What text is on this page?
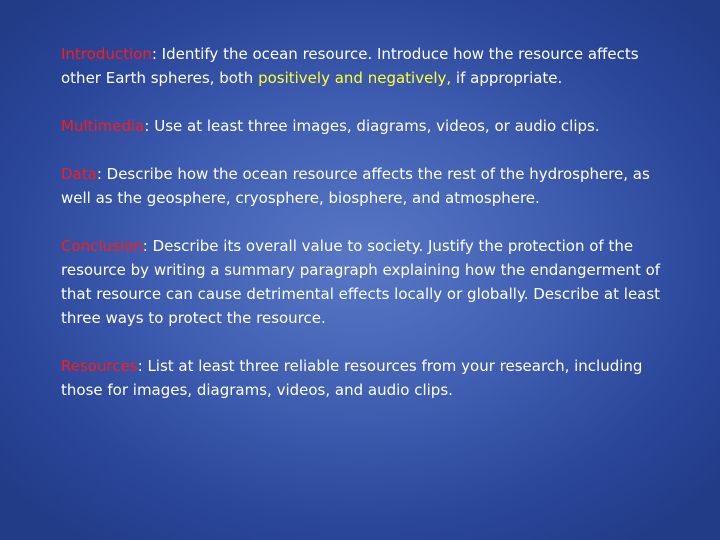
Introduction: Identify the ocean resource. Introduce how the resource affects other Earth spheres, both positively and negatively, if appropriate.

Multimedia: Use at least three images, diagrams, videos, or audio clips.

Data: Describe how the ocean resource affects the rest of the hydrosphere, as well as the geosphere, cryosphere, biosphere, and atmosphere.

Conclusion: Describe its overall value to society. Justify the protection of the resource by writing a summary paragraph explaining how the endangerment of that resource can cause detrimental effects locally or globally. Describe at least three ways to protect the resource.

Resources: List at least three reliable resources from your research, including those for images, diagrams, videos, and audio clips.
